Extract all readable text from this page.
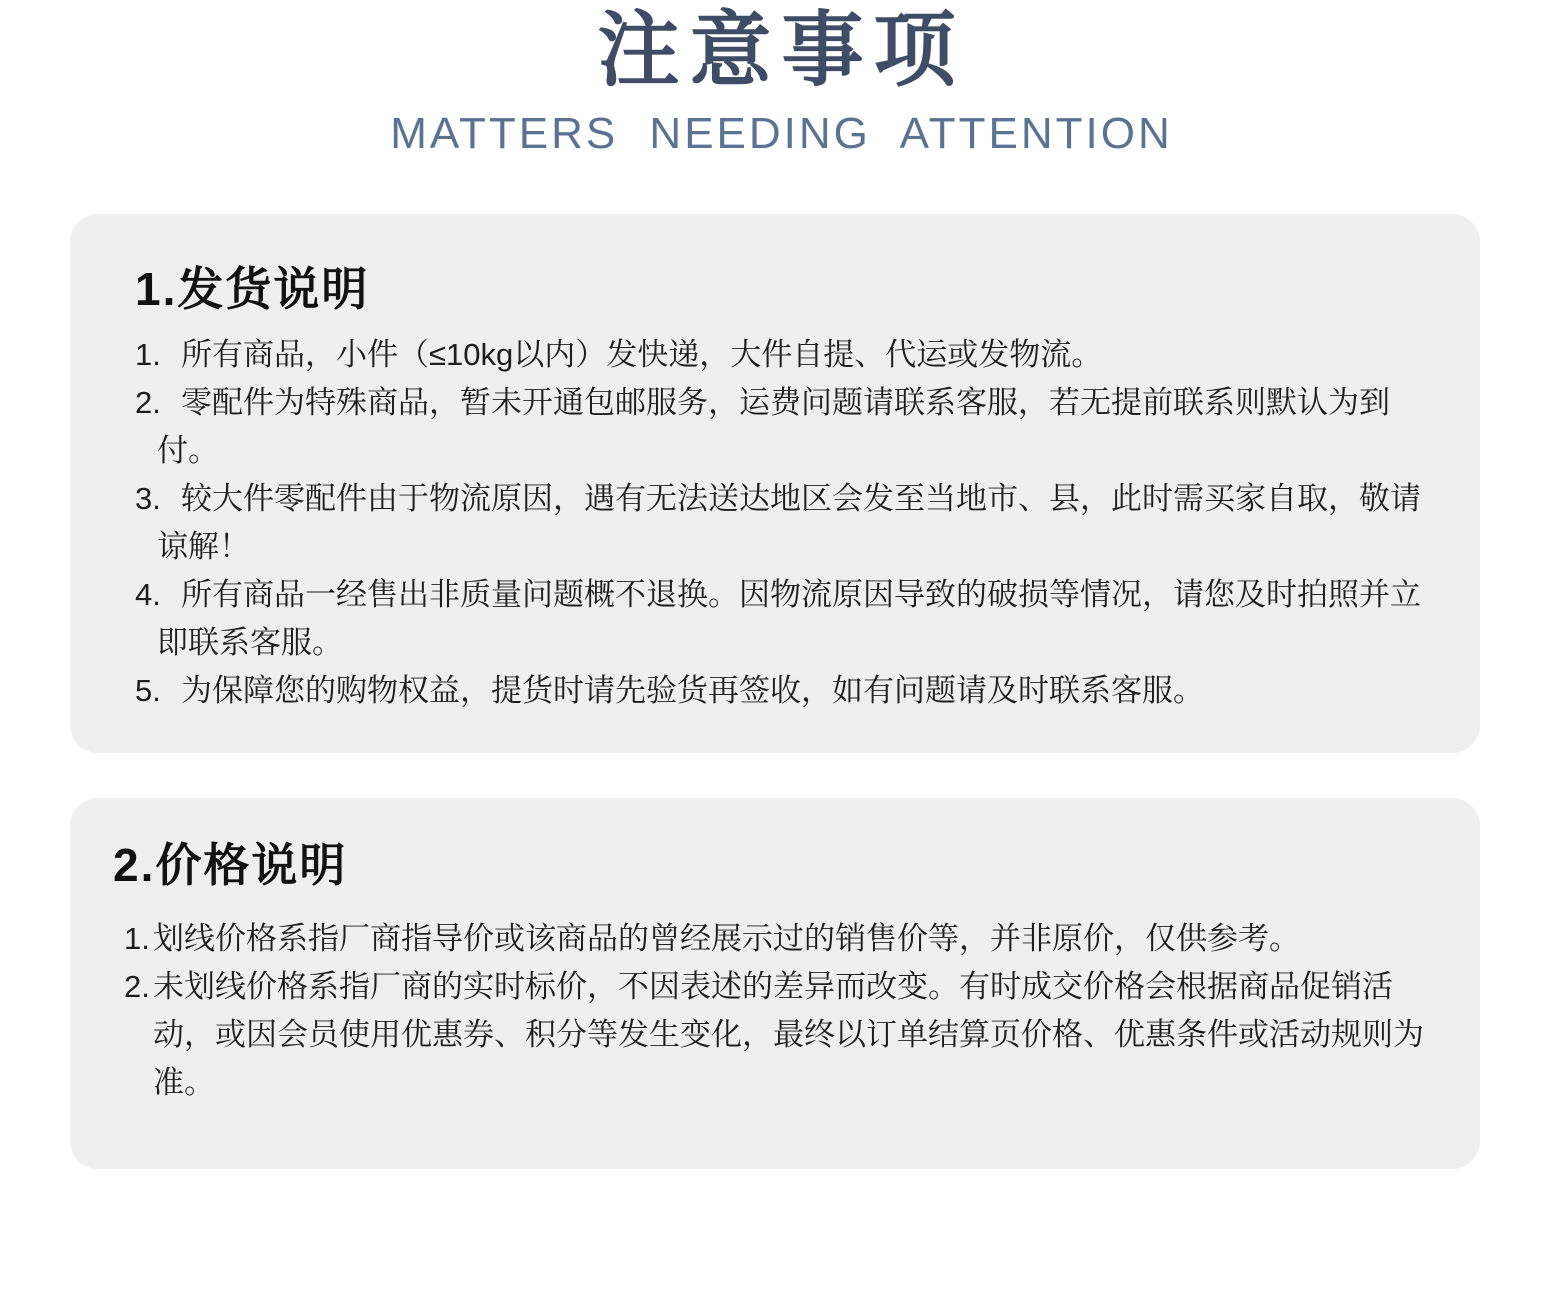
注意事项
MATTERS NEEDING ATTENTION
1.发货说明
1. 所有商品，小件（≤10kg以内）发快递，大件自提、代运或发物流。
2. 零配件为特殊商品，暂未开通包邮服务，运费问题请联系客服，若无提前联系则默认为到付。
3. 较大件零配件由于物流原因，遇有无法送达地区会发至当地市、县，此时需买家自取，敬请谅解！
4. 所有商品一经售出非质量问题概不退换。因物流原因导致的破损等情况，请您及时拍照并立即联系客服。
5. 为保障您的购物权益，提货时请先验货再签收，如有问题请及时联系客服。
2.价格说明
1. 划线价格系指厂商指导价或该商品的曾经展示过的销售价等，并非原价，仅供参考。
2. 未划线价格系指厂商的实时标价，不因表述的差异而改变。有时成交价格会根据商品促销活动，或因会员使用优惠券、积分等发生变化，最终以订单结算页价格、优惠条件或活动规则为准。
